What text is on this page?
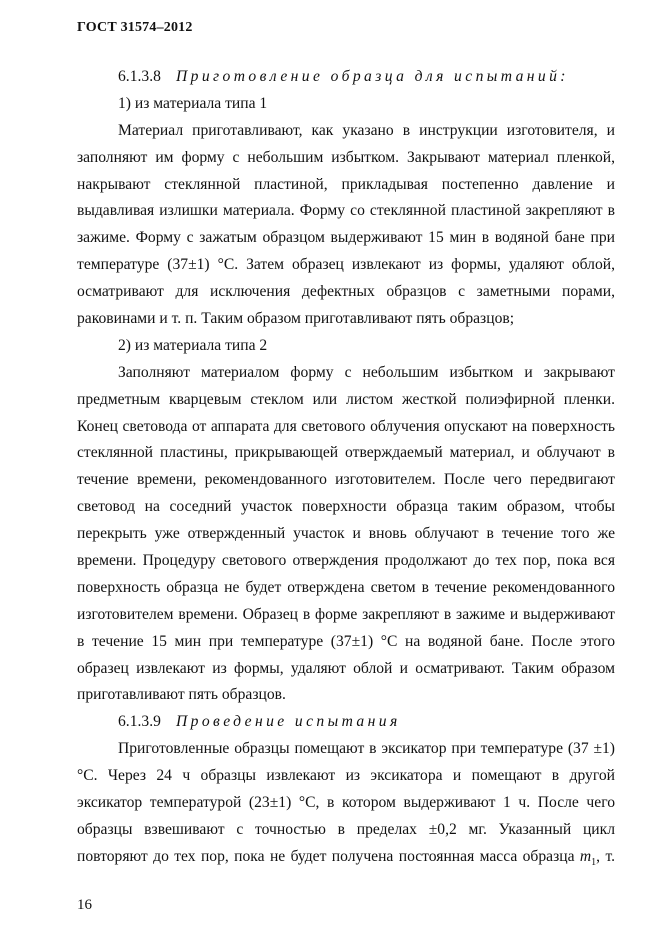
ГОСТ 31574–2012
6.1.3.8 Приготовление образца для испытаний:
1) из материала типа 1
Материал приготавливают, как указано в инструкции изготовителя, и
заполняют им форму с небольшим избытком. Закрывают материал пленкой,
накрывают стеклянной пластиной, прикладывая постепенно давление и
выдавливая излишки материала. Форму со стеклянной пластиной закрепляют в
зажиме. Форму с зажатым образцом выдерживают 15 мин в водяной бане при
температуре (37±1) °С. Затем образец извлекают из формы, удаляют облой,
осматривают для исключения дефектных образцов с заметными порами,
раковинами и т. п. Таким образом приготавливают пять образцов;
2) из материала типа 2
Заполняют материалом форму с небольшим избытком и закрывают
предметным кварцевым стеклом или листом жесткой полиэфирной пленки.
Конец световода от аппарата для светового облучения опускают на поверхность
стеклянной пластины, прикрывающей отверждаемый материал, и облучают в
течение времени, рекомендованного изготовителем. После чего передвигают
световод на соседний участок поверхности образца таким образом, чтобы
перекрыть уже отвержденный участок и вновь облучают в течение того же
времени. Процедуру светового отверждения продолжают до тех пор, пока вся
поверхность образца не будет отверждена светом в течение рекомендованного
изготовителем времени. Образец в форме закрепляют в зажиме и выдерживают
в течение 15 мин при температуре (37±1) °С на водяной бане. После этого
образец извлекают из формы, удаляют облой и осматривают. Таким образом
приготавливают пять образцов.
6.1.3.9 Проведение испытания
Приготовленные образцы помещают в эксикатор при температуре (37 ±1)
°С. Через 24 ч образцы извлекают из эксикатора и помещают в другой
эксикатор температурой (23±1) °С, в котором выдерживают 1 ч. После чего
образцы взвешивают с точностью в пределах ±0,2 мг. Указанный цикл
повторяют до тех пор, пока не будет получена постоянная масса образца $m_1$, т.
16
